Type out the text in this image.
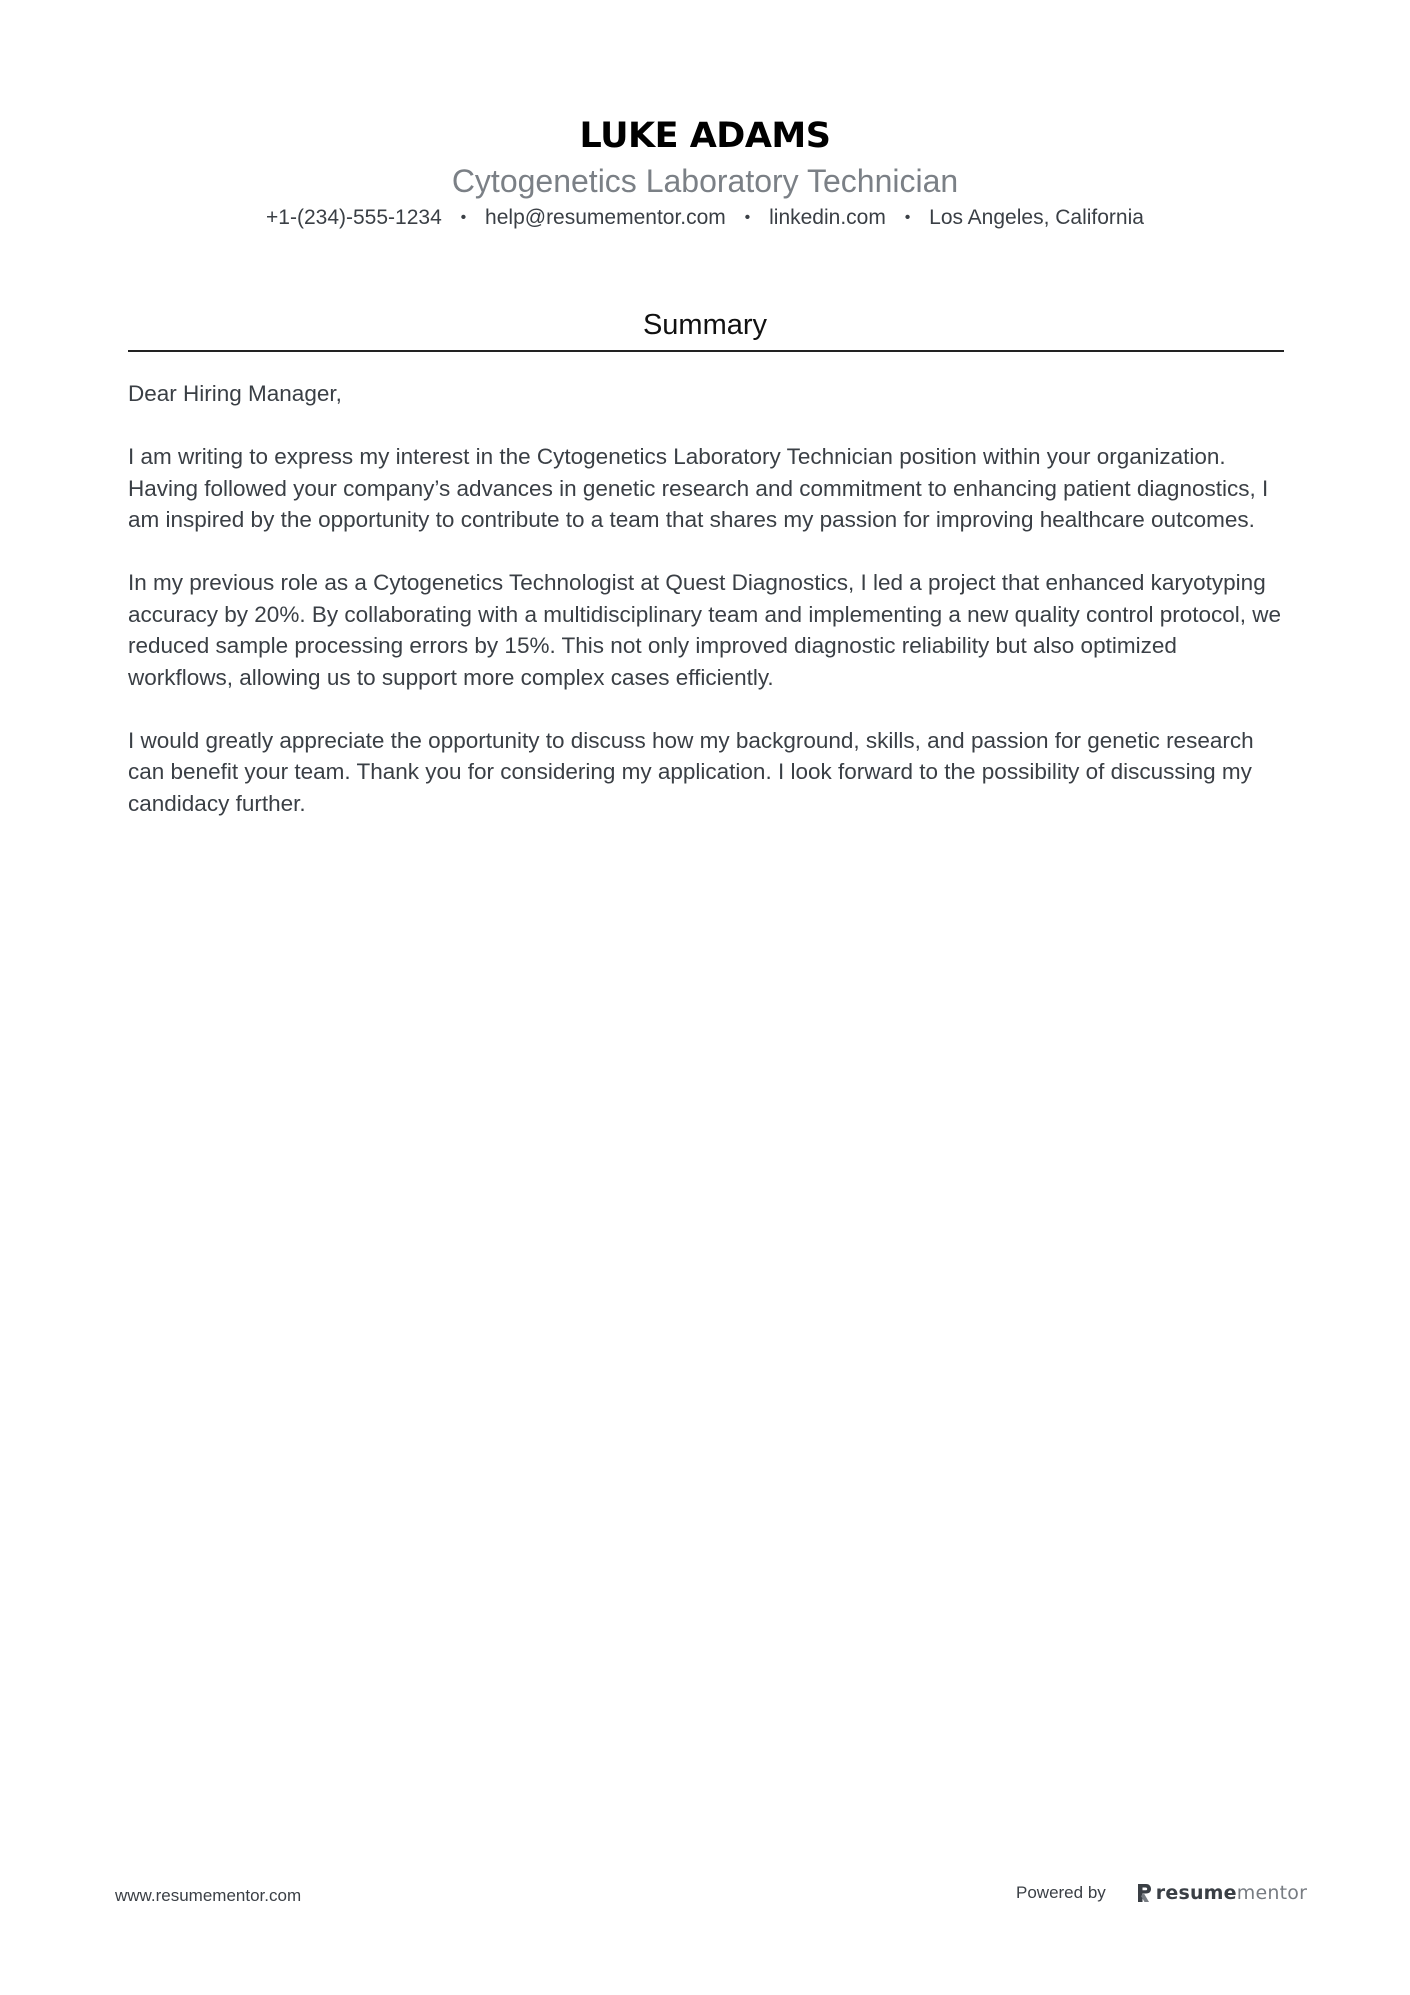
LUKE ADAMS
Cytogenetics Laboratory Technician
+1-(234)-555-1234 • help@resumementor.com • linkedin.com • Los Angeles, California
Summary

Dear Hiring Manager,

I am writing to express my interest in the Cytogenetics Laboratory Technician position within your organization. Having followed your company’s advances in genetic research and commitment to enhancing patient diagnostics, I am inspired by the opportunity to contribute to a team that shares my passion for improving healthcare outcomes.

In my previous role as a Cytogenetics Technologist at Quest Diagnostics, I led a project that enhanced karyotyping accuracy by 20%. By collaborating with a multidisciplinary team and implementing a new quality control protocol, we reduced sample processing errors by 15%. This not only improved diagnostic reliability but also optimized workflows, allowing us to support more complex cases efficiently.

I would greatly appreciate the opportunity to discuss how my background, skills, and passion for genetic research can benefit your team. Thank you for considering my application. I look forward to the possibility of discussing my candidacy further.

www.resumementor.com	Powered by	resumementor
